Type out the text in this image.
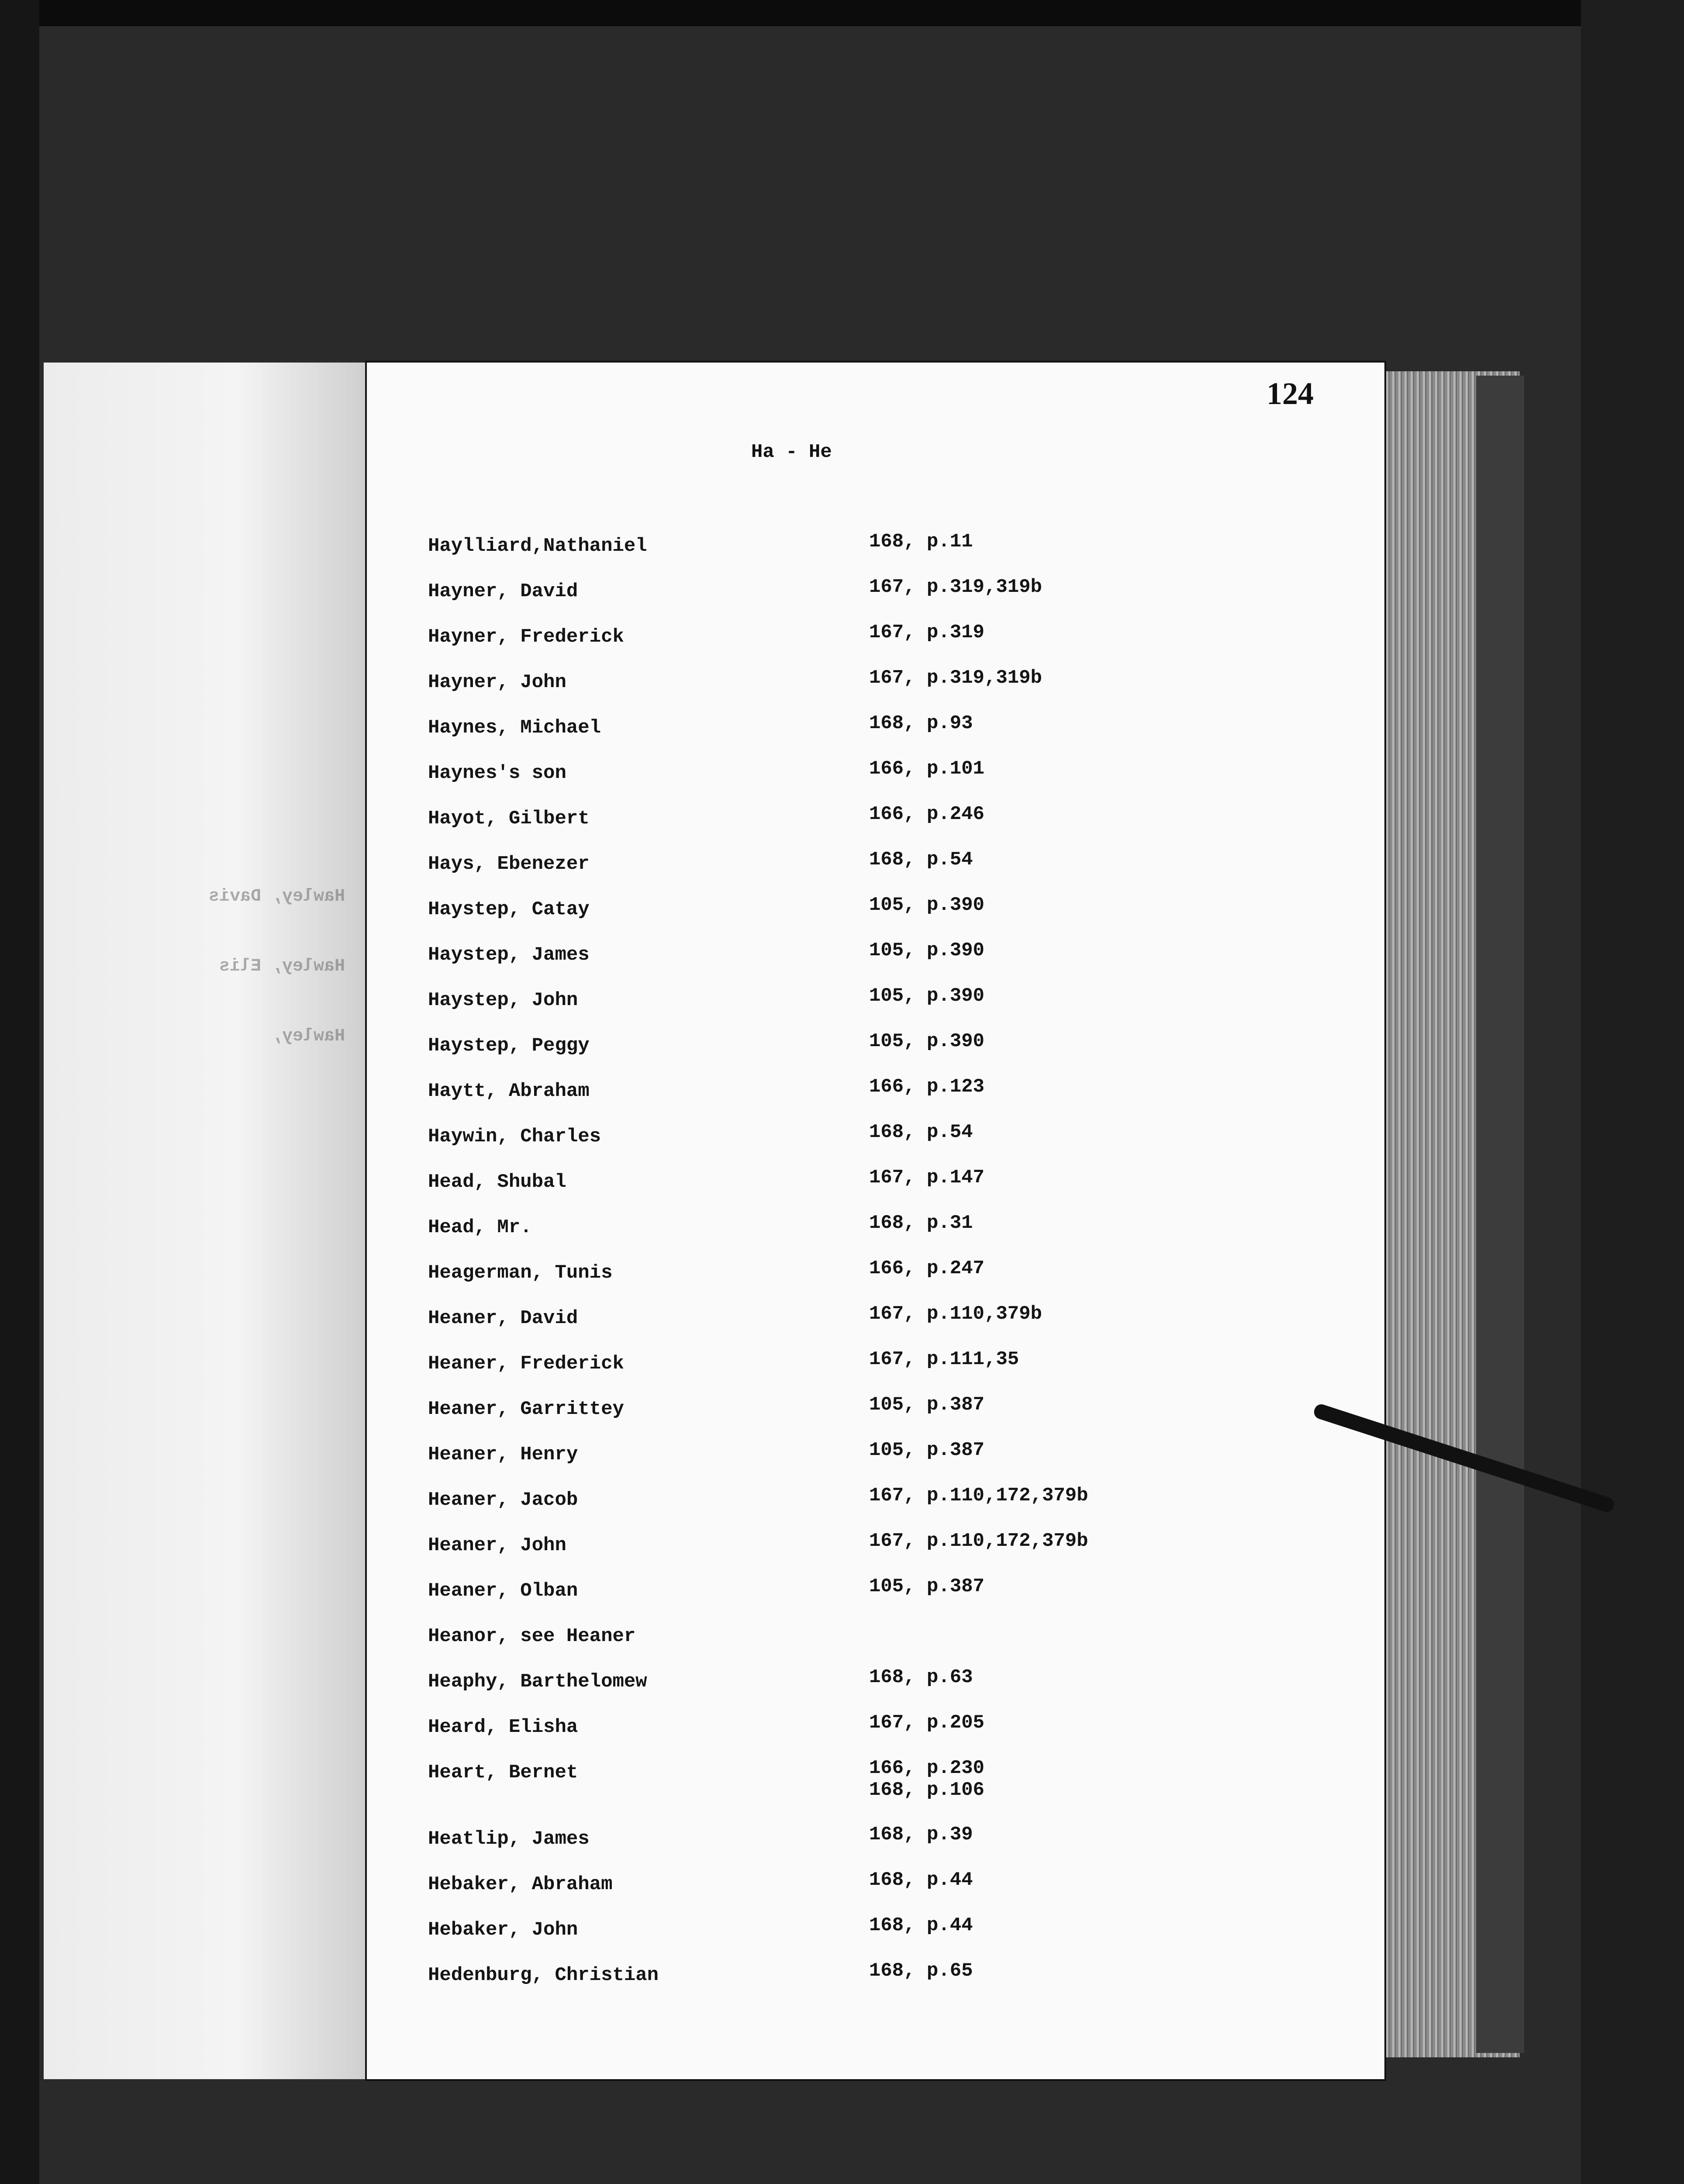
Hawley, Davis
Hawley, Elis
Hawley,
124
Ha - He
Haylliard,Nathaniel	168, p.11
Hayner, David	167, p.319,319b
Hayner, Frederick	167, p.319
Hayner, John	167, p.319,319b
Haynes, Michael	168, p.93
Haynes's son	166, p.101
Hayot, Gilbert	166, p.246
Hays, Ebenezer	168, p.54
Haystep, Catay	105, p.390
Haystep, James	105, p.390
Haystep, John	105, p.390
Haystep, Peggy	105, p.390
Haytt, Abraham	166, p.123
Haywin, Charles	168, p.54
Head, Shubal	167, p.147
Head, Mr.	168, p.31
Heagerman, Tunis	166, p.247
Heaner, David	167, p.110,379b
Heaner, Frederick	167, p.111,35
Heaner, Garrittey	105, p.387
Heaner, Henry	105, p.387
Heaner, Jacob	167, p.110,172,379b
Heaner, John	167, p.110,172,379b
Heaner, Olban	105, p.387
Heanor, see Heaner
Heaphy, Barthelomew	168, p.63
Heard, Elisha	167, p.205
Heart, Bernet	166, p.230
168, p.106
Heatlip, James	168, p.39
Hebaker, Abraham	168, p.44
Hebaker, John	168, p.44
Hedenburg, Christian	168, p.65
